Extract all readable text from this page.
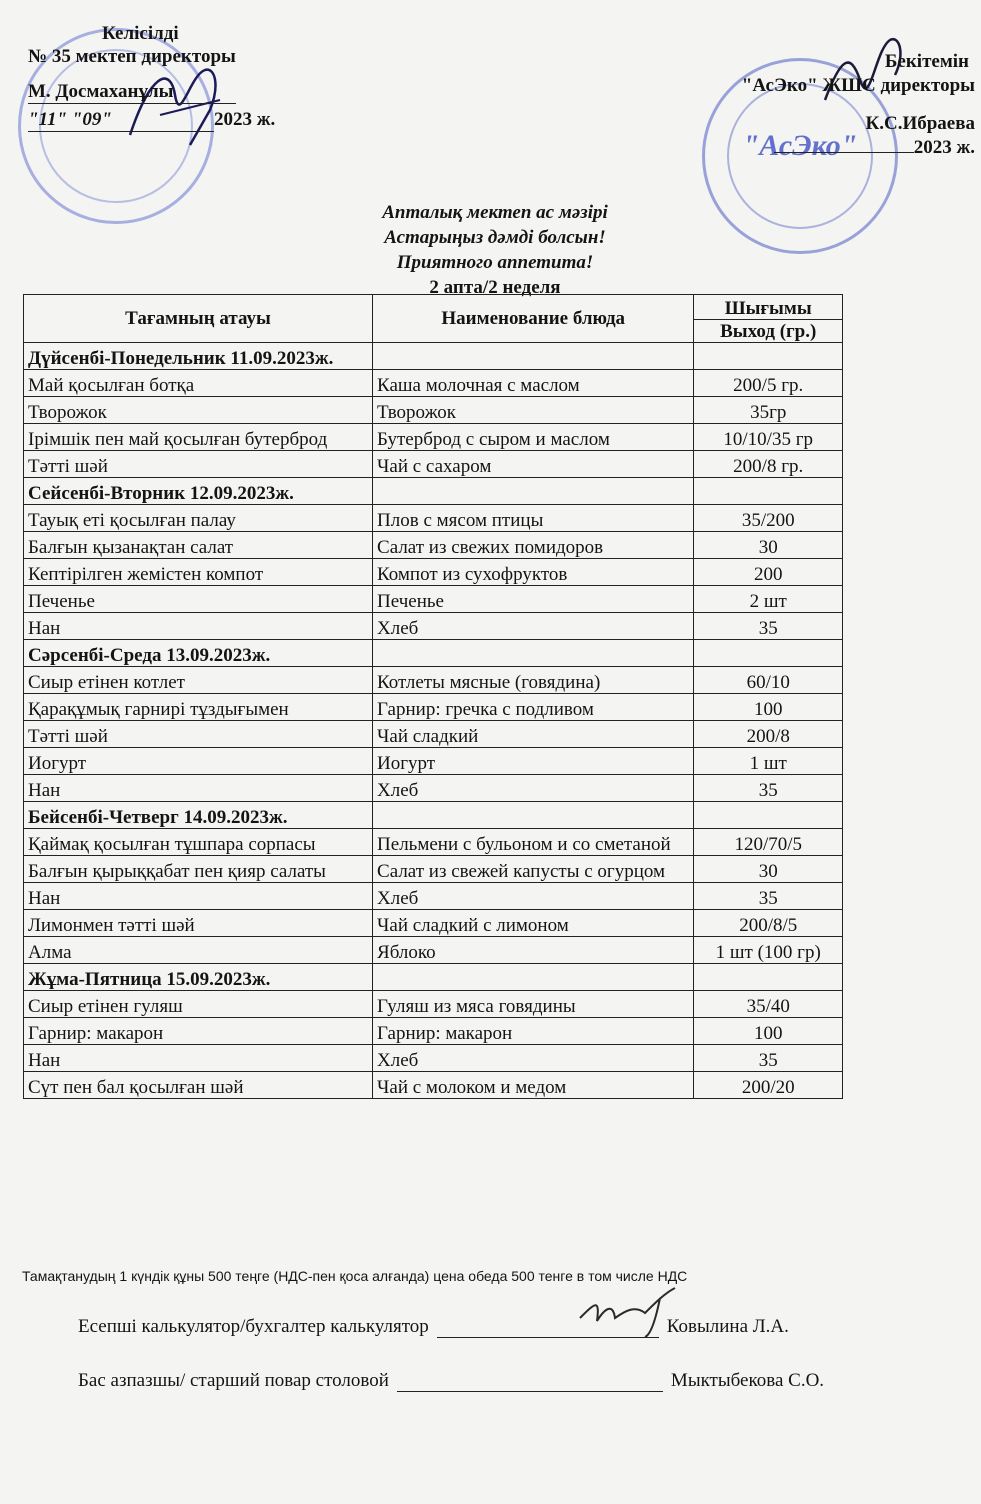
"АсЭко"
Келісілді
№ 35 мектеп директоры
М. Досмаханұлы
"11" "09"	2023 ж.
Бекітемін
"АсЭко" ЖШС директоры
К.С.Ибраева
2023 ж.
Апталық мектеп ас мәзірі
Астарыңыз дәмді болсын!
Приятного аппетита!
2 апта/2 неделя
Тағамның атауы	Наименование блюда	Шығымы
		Выход (гр.)
Дүйсенбі-Понедельник 11.09.2023ж.		
Май қосылған ботқа	Каша молочная с маслом	200/5 гр.
Творожок	Творожок	35гр
Ірімшік пен май қосылған бутерброд	Бутерброд с сыром и маслом	10/10/35 гр
Тәтті шәй	Чай с сахаром	200/8 гр.
Сейсенбі-Вторник 12.09.2023ж.		
Тауық еті қосылған палау	Плов с мясом птицы	35/200
Балғын қызанақтан салат	Салат из свежих помидоров	30
Кептірілген жемістен компот	Компот из сухофруктов	200
Печенье	Печенье	2 шт
Нан	Хлеб	35
Сәрсенбі-Среда 13.09.2023ж.		
Сиыр етінен котлет	Котлеты мясные (говядина)	60/10
Қарақұмық гарнирі тұздығымен	Гарнир: гречка с подливом	100
Тәтті шәй	Чай сладкий	200/8
Иогурт	Иогурт	1 шт
Нан	Хлеб	35
Бейсенбі-Четверг 14.09.2023ж.		
Қаймақ қосылған тұшпара сорпасы	Пельмени с бульоном и со сметаной	120/70/5
Балғын қырыққабат пен қияр салаты	Салат из свежей капусты с огурцом	30
Нан	Хлеб	35
Лимонмен тәтті шәй	Чай сладкий с лимоном	200/8/5
Алма	Яблоко	1 шт (100 гр)
Жұма-Пятница 15.09.2023ж.		
Сиыр етінен гуляш	Гуляш из мяса говядины	35/40
Гарнир: макарон	Гарнир: макарон	100
Нан	Хлеб	35
Сүт пен бал қосылған шәй	Чай с молоком и медом	200/20
Тамақтанудың 1 күндік құны 500 теңге (НДС-пен қоса алғанда) цена обеда 500 тенге в том числе НДС
Есепші калькулятор/бухгалтер калькулятор	Ковылина Л.А.
Бас азпазшы/ старший повар столовой	Мыктыбекова С.О.
